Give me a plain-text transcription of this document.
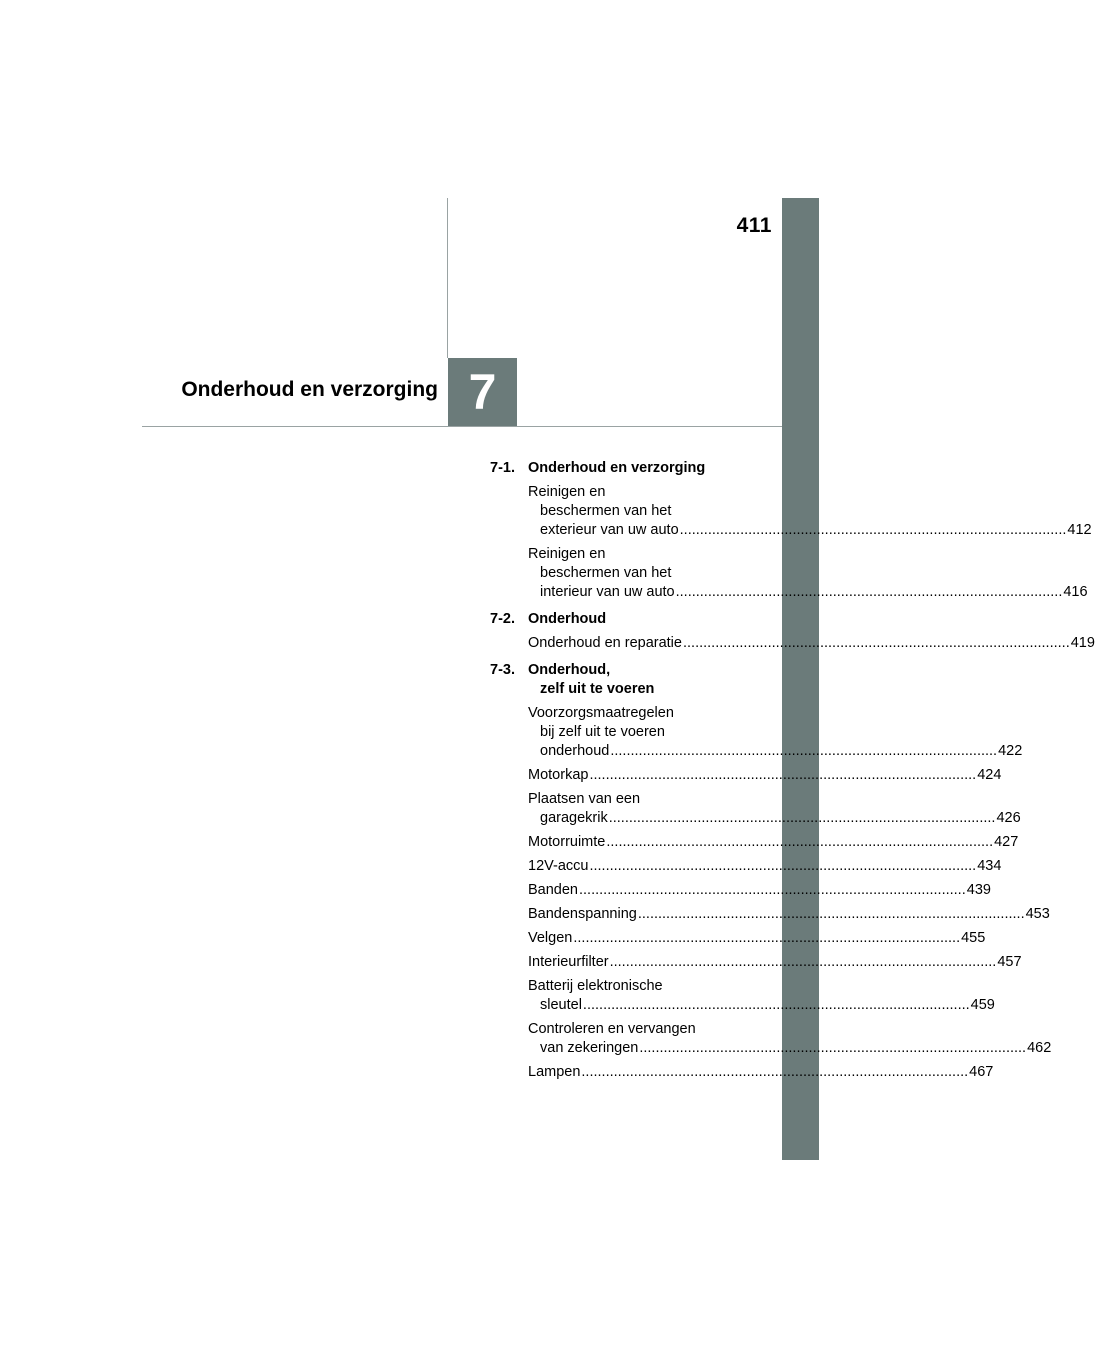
411
7
Onderhoud en verzorging
7-1. Onderhoud en verzorging
Reinigen en
beschermen van het
exterieur van uw auto .....	412
Reinigen en
beschermen van het
interieur van uw auto .....	416
7-2. Onderhoud
Onderhoud en reparatie .....	419
7-3. Onderhoud,
zelf uit te voeren
Voorzorgsmaatregelen
bij zelf uit te voeren
onderhoud .....	422
Motorkap .....	424
Plaatsen van een
garagekrik .....	426
Motorruimte .....	427
12V-accu .....	434
Banden .....	439
Bandenspanning .....	453
Velgen .....	455
Interieurfilter .....	457
Batterij elektronische
sleutel .....	459
Controleren en vervangen
van zekeringen .....	462
Lampen .....	467
